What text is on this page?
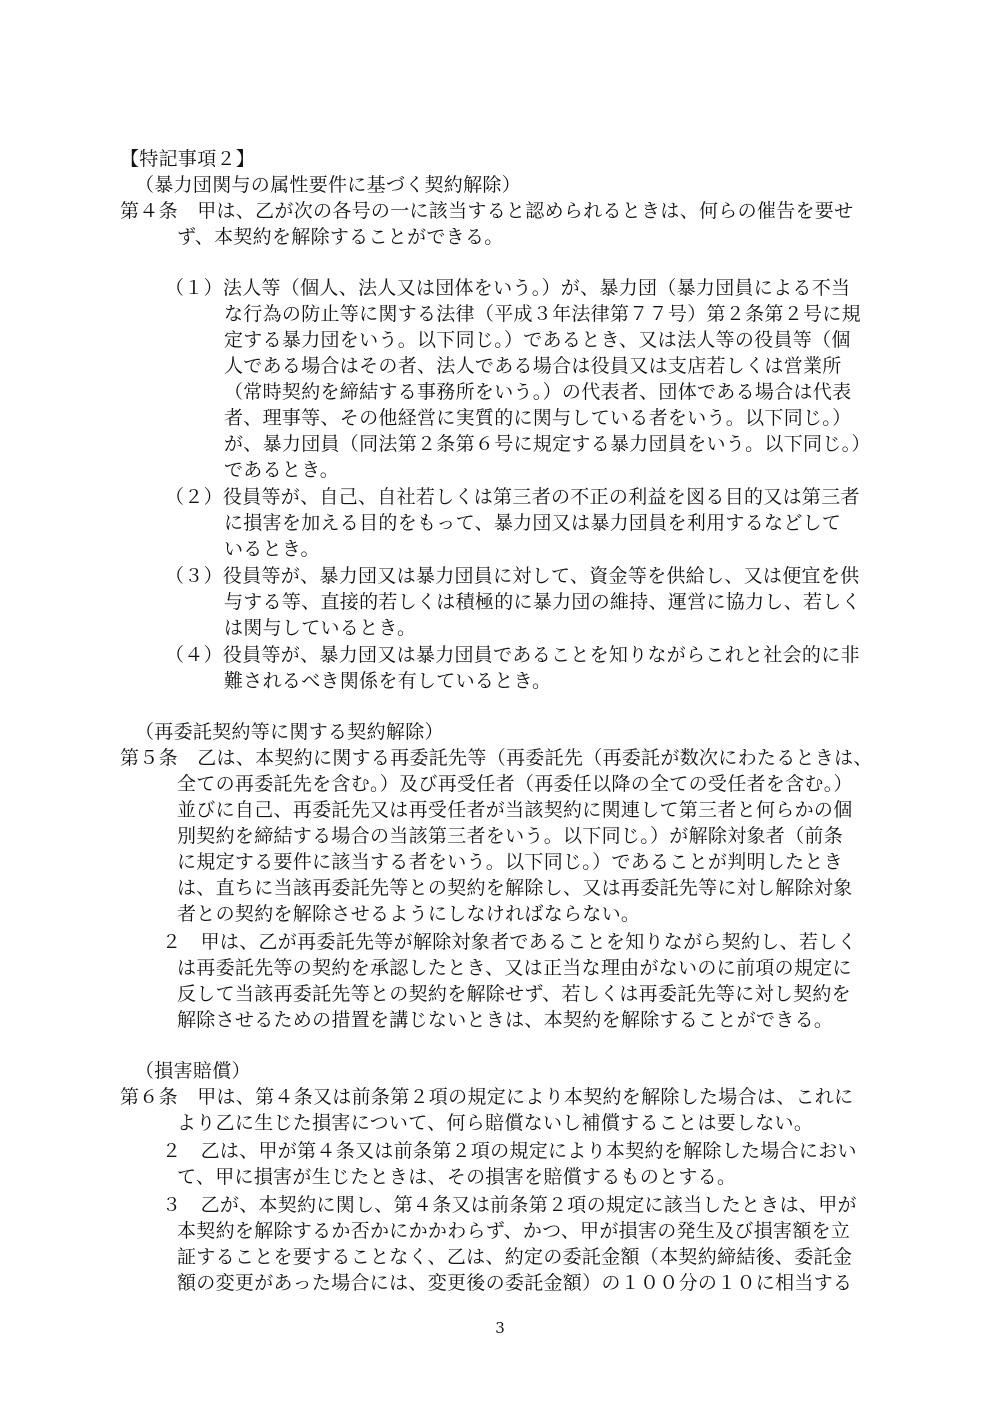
【特記事項２】
（暴力団関与の属性要件に基づく契約解除）
第４条　甲は、乙が次の各号の一に該当すると認められるときは、何らの催告を要せ
ず、本契約を解除することができる。
（１）法人等（個人、法人又は団体をいう。）が、暴力団（暴力団員による不当
な行為の防止等に関する法律（平成３年法律第７７号）第２条第２号に規
定する暴力団をいう。以下同じ。）であるとき、又は法人等の役員等（個
人である場合はその者、法人である場合は役員又は支店若しくは営業所
（常時契約を締結する事務所をいう。）の代表者、団体である場合は代表
者、理事等、その他経営に実質的に関与している者をいう。以下同じ。）
が、暴力団員（同法第２条第６号に規定する暴力団員をいう。以下同じ。）
であるとき。
（２）役員等が、自己、自社若しくは第三者の不正の利益を図る目的又は第三者
に損害を加える目的をもって、暴力団又は暴力団員を利用するなどして
いるとき。
（３）役員等が、暴力団又は暴力団員に対して、資金等を供給し、又は便宜を供
与する等、直接的若しくは積極的に暴力団の維持、運営に協力し、若しく
は関与しているとき。
（４）役員等が、暴力団又は暴力団員であることを知りながらこれと社会的に非
難されるべき関係を有しているとき。
（再委託契約等に関する契約解除）
第５条　乙は、本契約に関する再委託先等（再委託先（再委託が数次にわたるときは、
全ての再委託先を含む。）及び再受任者（再委任以降の全ての受任者を含む。）
並びに自己、再委託先又は再受任者が当該契約に関連して第三者と何らかの個
別契約を締結する場合の当該第三者をいう。以下同じ。）が解除対象者（前条
に規定する要件に該当する者をいう。以下同じ。）であることが判明したとき
は、直ちに当該再委託先等との契約を解除し、又は再委託先等に対し解除対象
者との契約を解除させるようにしなければならない。
２　甲は、乙が再委託先等が解除対象者であることを知りながら契約し、若しく
は再委託先等の契約を承認したとき、又は正当な理由がないのに前項の規定に
反して当該再委託先等との契約を解除せず、若しくは再委託先等に対し契約を
解除させるための措置を講じないときは、本契約を解除することができる。
（損害賠償）
第６条　甲は、第４条又は前条第２項の規定により本契約を解除した場合は、これに
より乙に生じた損害について、何ら賠償ないし補償することは要しない。
２　乙は、甲が第４条又は前条第２項の規定により本契約を解除した場合におい
て、甲に損害が生じたときは、その損害を賠償するものとする。
３　乙が、本契約に関し、第４条又は前条第２項の規定に該当したときは、甲が
本契約を解除するか否かにかかわらず、かつ、甲が損害の発生及び損害額を立
証することを要することなく、乙は、約定の委託金額（本契約締結後、委託金
額の変更があった場合には、変更後の委託金額）の１００分の１０に相当する
3
